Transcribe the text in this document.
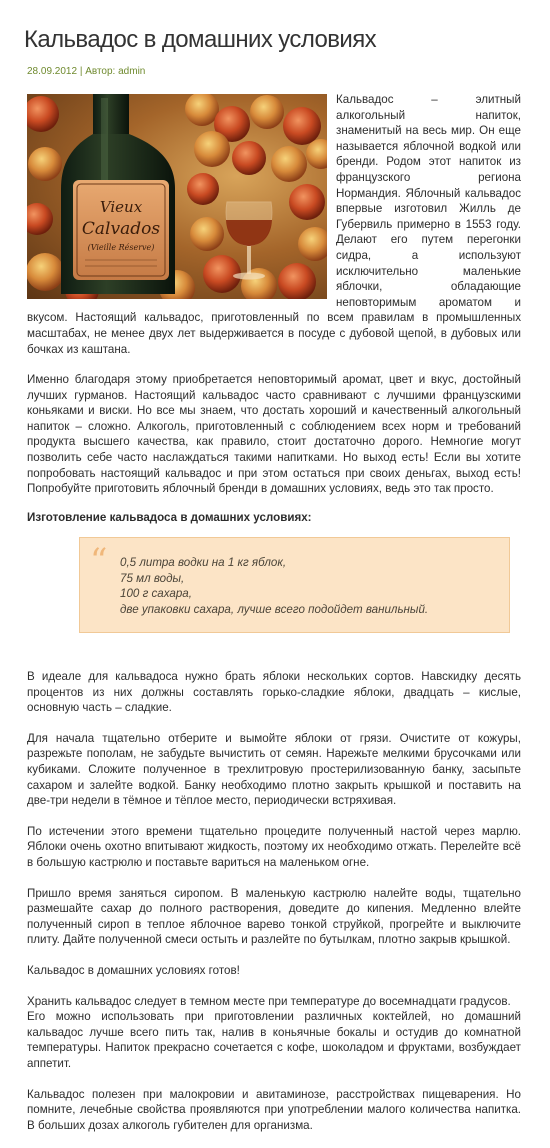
Кальвадос в домашних условиях
28.09.2012 | Автор: admin
Vieux
Calvados
(Vieille Réserve)

Кальвадос – элитный алкогольный напиток, знаменитый на весь мир. Он еще называется яблочной водкой или бренди. Родом этот напиток из французского региона Нормандия. Яблочный кальвадос впервые изготовил Жилль де Губервиль примерно в 1553 году. Делают его путем перегонки сидра, а используют исключительно маленькие яблочки, обладающие неповторимым ароматом и вкусом. Настоящий кальвадос, приготовленный по всем правилам в промышленных масштабах, не менее двух лет выдерживается в посуде с дубовой щепой, в дубовых или бочках из каштана.

Именно благодаря этому приобретается неповторимый аромат, цвет и вкус, достойный лучших гурманов. Настоящий кальвадос часто сравнивают с лучшими французскими коньяками и виски. Но все мы знаем, что достать хороший и качественный алкогольный напиток – сложно. Алкоголь, приготовленный с соблюдением всех норм и требований продукта высшего качества, как правило, стоит достаточно дорого. Немногие могут позволить себе часто наслаждаться такими напитками. Но выход есть! Если вы хотите попробовать настоящий кальвадос и при этом остаться при своих деньгах, выход есть! Попробуйте приготовить яблочный бренди в домашних условиях, ведь это так просто.

Изготовление кальвадоса в домашних условиях:

“ 0,5 литра водки на 1 кг яблок,
75 мл воды,
100 г сахара,
две упаковки сахара, лучше всего подойдет ванильный.

В идеале для кальвадоса нужно брать яблоки нескольких сортов. Навскидку десять процентов из них должны составлять горько-сладкие яблоки, двадцать – кислые, основную часть – сладкие.

Для начала тщательно отберите и вымойте яблоки от грязи. Очистите от кожуры, разрежьте пополам, не забудьте вычистить от семян. Нарежьте мелкими брусочками или кубиками. Сложите полученное в трехлитровую простерилизованную банку, засыпьте сахаром и залейте водкой. Банку необходимо плотно закрыть крышкой и поставить на две-три недели в тёмное и тёплое место, периодически встряхивая.

По истечении этого времени тщательно процедите полученный настой через марлю. Яблоки очень охотно впитывают жидкость, поэтому их необходимо отжать. Перелейте всё в большую кастрюлю и поставьте вариться на маленьком огне.

Пришло время заняться сиропом. В маленькую кастрюлю налейте воды, тщательно размешайте сахар до полного растворения, доведите до кипения. Медленно влейте полученный сироп в теплое яблочное варево тонкой струйкой, прогрейте и выключите плиту. Дайте полученной смеси остыть и разлейте по бутылкам, плотно закрыв крышкой.

Кальвадос в домашних условиях готов!

Хранить кальвадос следует в темном месте при температуре до восемнадцати градусов.

Его можно использовать при приготовлении различных коктейлей, но домашний кальвадос лучше всего пить так, налив в коньячные бокалы и остудив до комнатной температуры. Напиток прекрасно сочетается с кофе, шоколадом и фруктами, возбуждает аппетит.

Кальвадос полезен при малокровии и авитаминозе, расстройствах пищеварения. Но помните, лечебные свойства проявляются при употреблении малого количества напитка. В больших дозах алкоголь губителен для организма.
